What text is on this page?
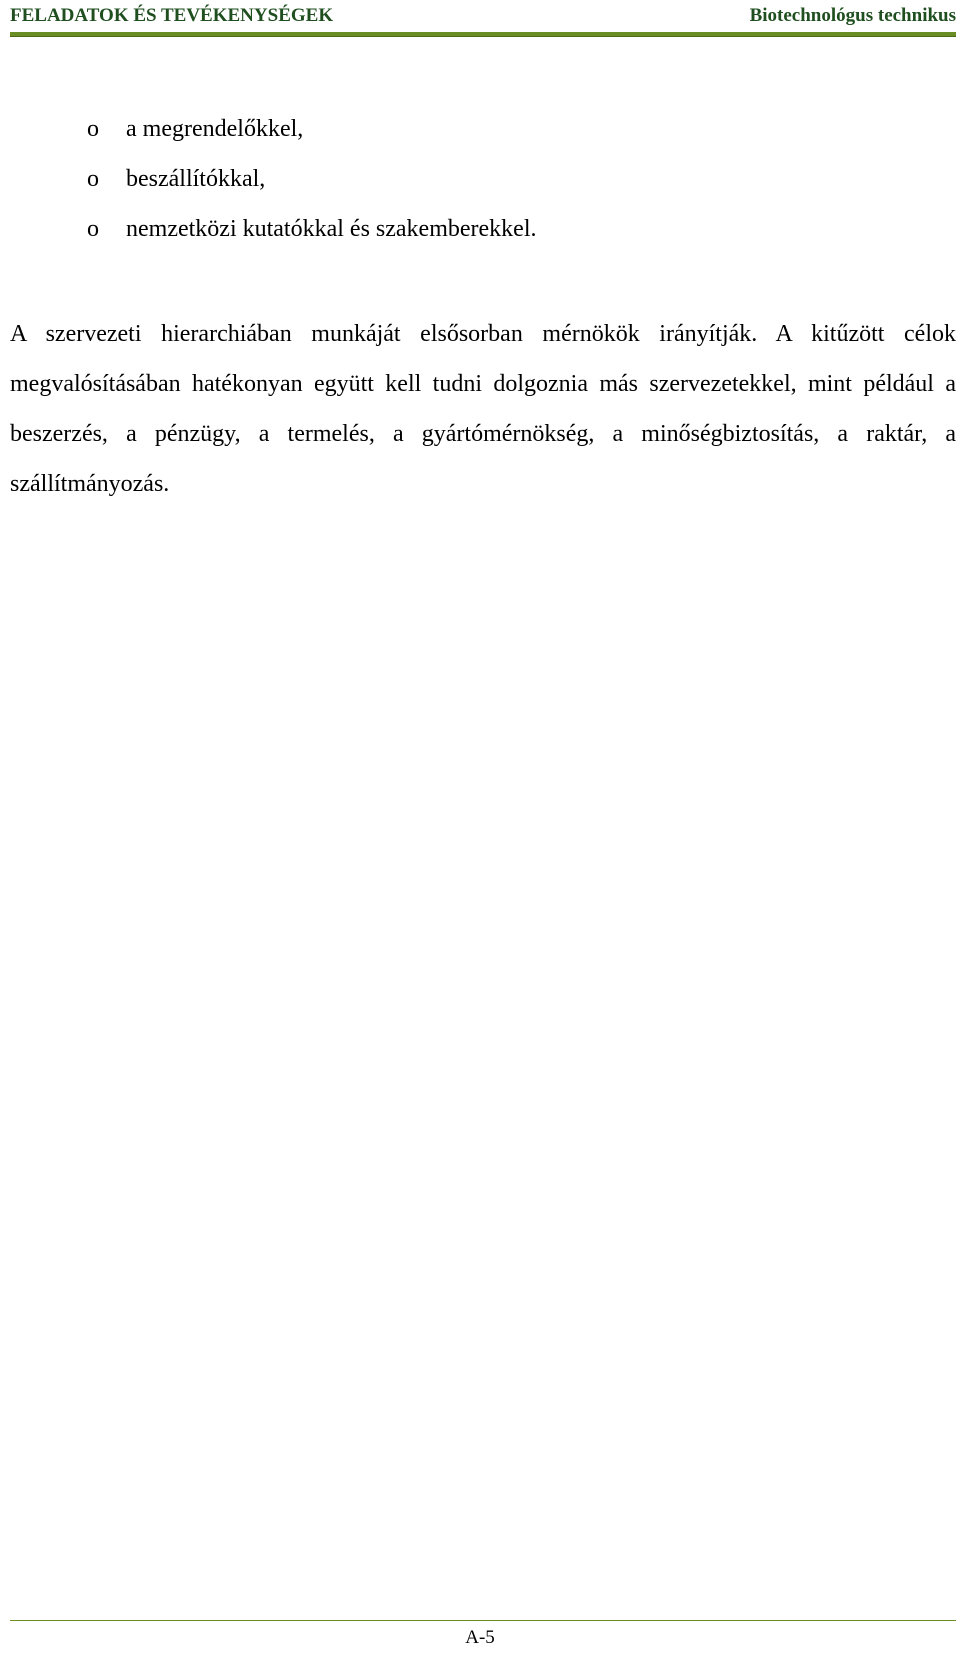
FELADATOK ÉS TEVÉKENYSÉGEK	Biotechnológus technikus
o a megrendelőkkel,
o beszállítókkal,
o nemzetközi kutatókkal és szakemberekkel.

A szervezeti hierarchiában munkáját elsősorban mérnökök irányítják. A kitűzött célok megvalósításában hatékonyan együtt kell tudni dolgoznia más szervezetekkel, mint például a beszerzés, a pénzügy, a termelés, a gyártómérnökség, a minőségbiztosítás, a raktár, a szállítmányozás.

A-5
